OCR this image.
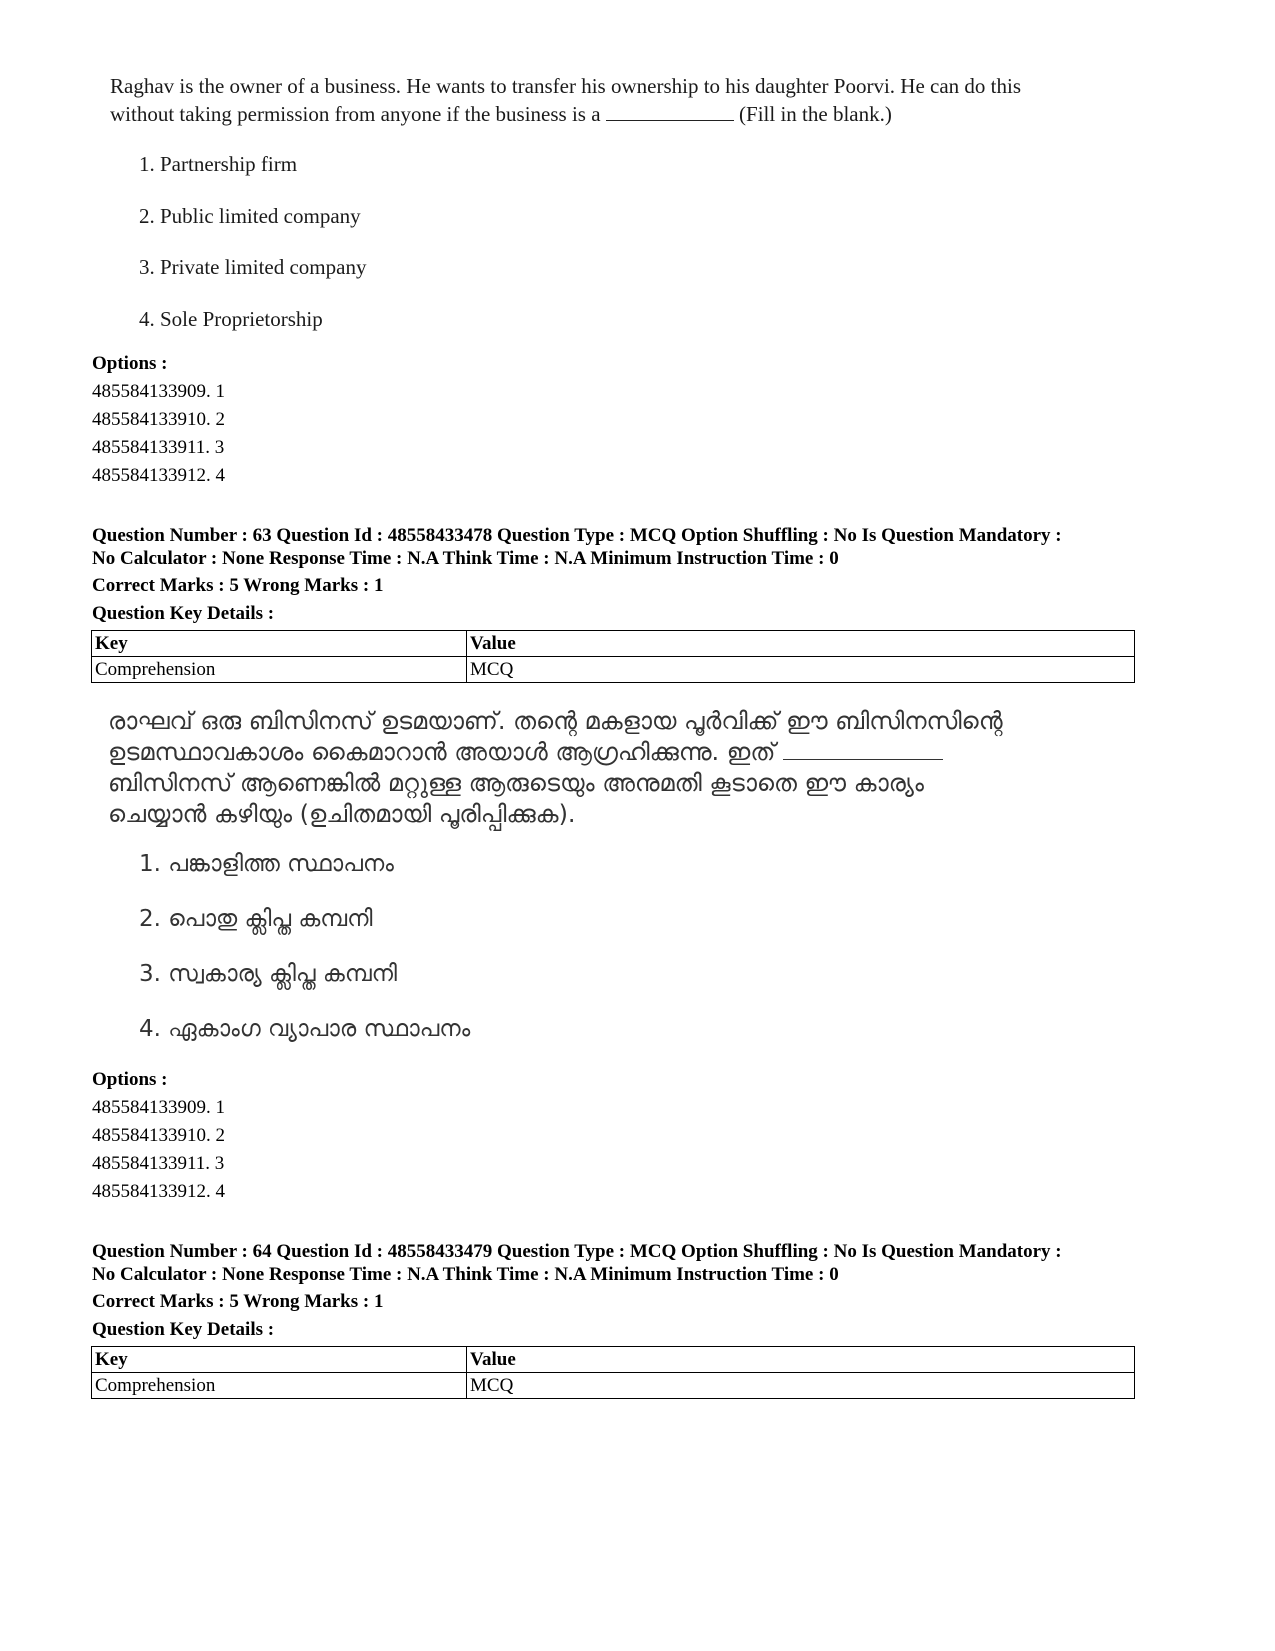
Raghav is the owner of a business. He wants to transfer his ownership to his daughter Poorvi. He can do this
without taking permission from anyone if the business is a	(Fill in the blank.)
1. Partnership firm
2. Public limited company
3. Private limited company
4. Sole Proprietorship
Options :
485584133909. 1
485584133910. 2
485584133911. 3
485584133912. 4
Question Number : 63 Question Id : 48558433478 Question Type : MCQ Option Shuffling : No Is Question Mandatory :
No Calculator : None Response Time : N.A Think Time : N.A Minimum Instruction Time : 0
Correct Marks : 5 Wrong Marks : 1
Question Key Details :
Key	Value
Comprehension	MCQ
രാഘവ് ഒരു ബിസിനസ് ഉടമയാണ്. തന്റെ മകളായ പൂർവിക്ക് ഈ ബിസിനസിന്റെ
ഉടമസ്ഥാവകാശം കൈമാറാൻ അയാൾ ആഗ്രഹിക്കുന്നു. ഇത്
ബിസിനസ് ആണെങ്കിൽ മറ്റുള്ള ആരുടെയും അനുമതി കൂടാതെ ഈ കാര്യം
ചെയ്യാൻ കഴിയും (ഉചിതമായി പൂരിപ്പിക്കുക).
1. പങ്കാളിത്ത സ്ഥാപനം
2. പൊതു ക്ലിപ്ത കമ്പനി
3. സ്വകാര്യ ക്ലിപ്ത കമ്പനി
4. ഏകാംഗ വ്യാപാര സ്ഥാപനം
Options :
485584133909. 1
485584133910. 2
485584133911. 3
485584133912. 4
Question Number : 64 Question Id : 48558433479 Question Type : MCQ Option Shuffling : No Is Question Mandatory :
No Calculator : None Response Time : N.A Think Time : N.A Minimum Instruction Time : 0
Correct Marks : 5 Wrong Marks : 1
Question Key Details :
Key	Value
Comprehension	MCQ
